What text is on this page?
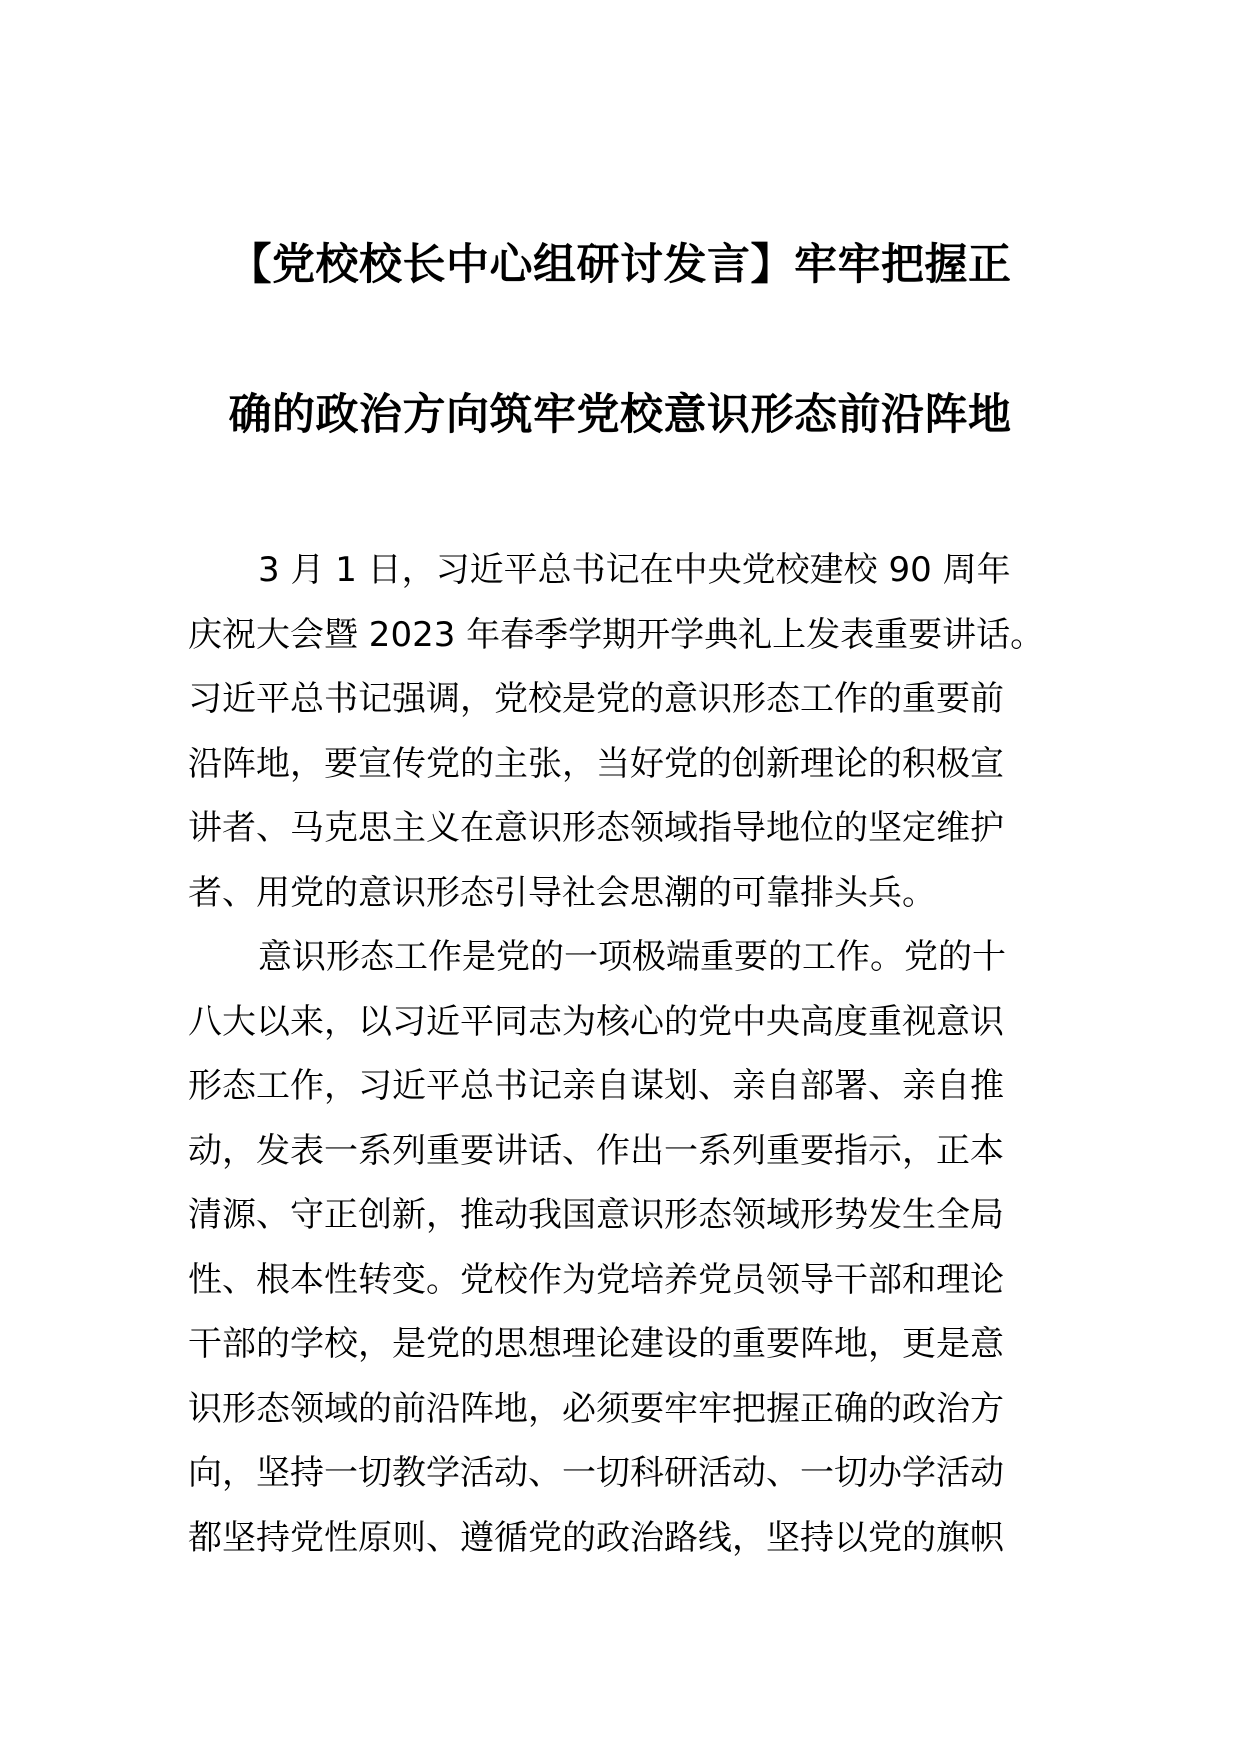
【党校校长中心组研讨发言】牢牢把握正
确的政治方向筑牢党校意识形态前沿阵地
3 月 1 日，习近平总书记在中央党校建校 90 周年
庆祝大会暨 2023 年春季学期开学典礼上发表重要讲话。
习近平总书记强调，党校是党的意识形态工作的重要前
沿阵地，要宣传党的主张，当好党的创新理论的积极宣
讲者、马克思主义在意识形态领域指导地位的坚定维护
者、用党的意识形态引导社会思潮的可靠排头兵。
意识形态工作是党的一项极端重要的工作。党的十
八大以来，以习近平同志为核心的党中央高度重视意识
形态工作，习近平总书记亲自谋划、亲自部署、亲自推
动，发表一系列重要讲话、作出一系列重要指示，正本
清源、守正创新，推动我国意识形态领域形势发生全局
性、根本性转变。党校作为党培养党员领导干部和理论
干部的学校，是党的思想理论建设的重要阵地，更是意
识形态领域的前沿阵地，必须要牢牢把握正确的政治方
向，坚持一切教学活动、一切科研活动、一切办学活动
都坚持党性原则、遵循党的政治路线，坚持以党的旗帜
